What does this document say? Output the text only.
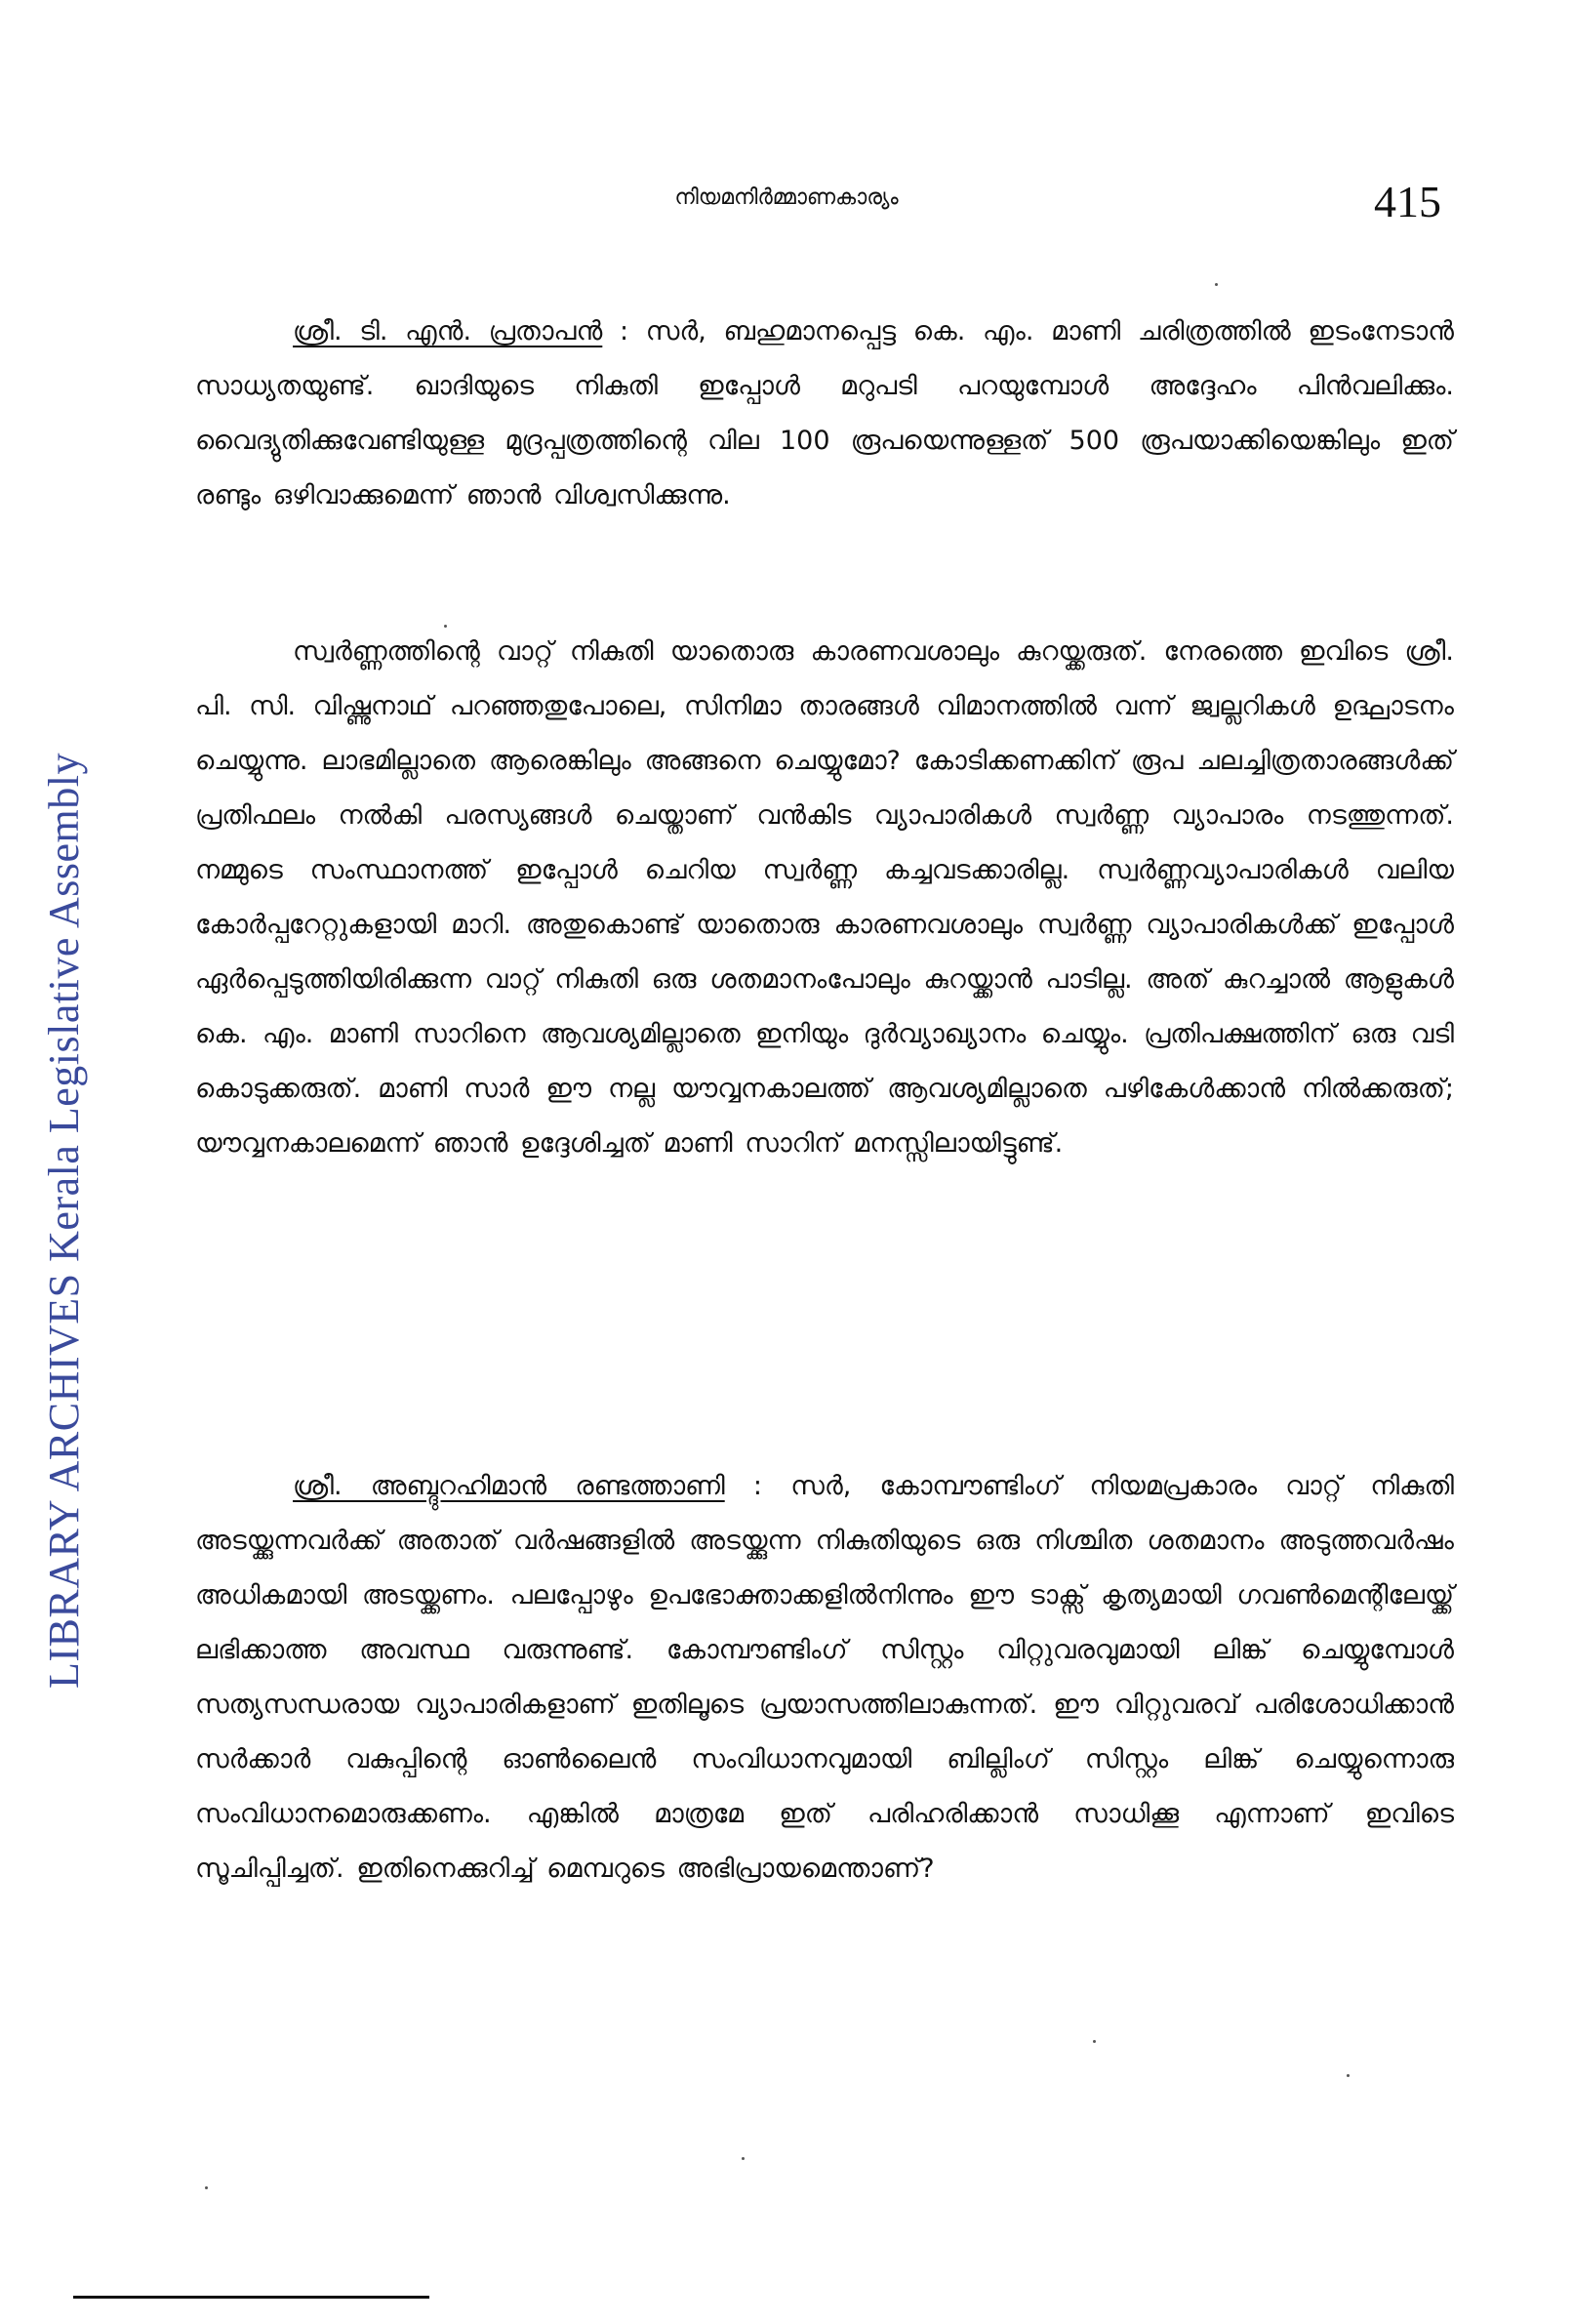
LIBRARY ARCHIVES Kerala Legislative Assembly
നിയമനിർമ്മാണകാര്യം	415
ശ്രീ. ടി. എൻ. പ്രതാപൻ : സർ, ബഹുമാനപ്പെട്ട കെ. എം. മാണി ചരിത്രത്തിൽ ഇടംനേടാൻ സാധ്യതയുണ്ട്. ഖാദിയുടെ നികുതി ഇപ്പോൾ മറുപടി പറയുമ്പോൾ അദ്ദേഹം പിൻവലിക്കും. വൈദ്യുതിക്കുവേണ്ടിയുള്ള മുദ്രപ്പത്രത്തിന്റെ വില 100 രൂപയെന്നുള്ളത് 500 രൂപയാക്കിയെങ്കിലും ഇത് രണ്ടും ഒഴിവാക്കുമെന്ന് ഞാൻ വിശ്വസിക്കുന്നു.
സ്വർണ്ണത്തിന്റെ വാറ്റ് നികുതി യാതൊരു കാരണവശാലും കുറയ്ക്കരുത്. നേരത്തെ ഇവിടെ ശ്രീ. പി. സി. വിഷ്ണുനാഥ് പറഞ്ഞതുപോലെ, സിനിമാ താരങ്ങൾ വിമാനത്തിൽ വന്ന് ജ്വല്ലറികൾ ഉദ്ഘാടനം ചെയ്യുന്നു. ലാഭമില്ലാതെ ആരെങ്കിലും അങ്ങനെ ചെയ്യുമോ? കോടിക്കണക്കിന് രൂപ ചലച്ചിത്രതാരങ്ങൾക്ക് പ്രതിഫലം നൽകി പരസ്യങ്ങൾ ചെയ്താണ് വൻകിട വ്യാപാരികൾ സ്വർണ്ണ വ്യാപാരം നടത്തുന്നത്. നമ്മുടെ സംസ്ഥാനത്ത് ഇപ്പോൾ ചെറിയ സ്വർണ്ണ കച്ചവടക്കാരില്ല. സ്വർണ്ണവ്യാപാരികൾ വലിയ കോർപ്പറേറ്റുകളായി മാറി. അതുകൊണ്ട് യാതൊരു കാരണവശാലും സ്വർണ്ണ വ്യാപാരികൾക്ക് ഇപ്പോൾ ഏർപ്പെടുത്തിയിരിക്കുന്ന വാറ്റ് നികുതി ഒരു ശതമാനംപോലും കുറയ്ക്കാൻ പാടില്ല. അത് കുറച്ചാൽ ആളുകൾ കെ. എം. മാണി സാറിനെ ആവശ്യമില്ലാതെ ഇനിയും ദുർവ്യാഖ്യാനം ചെയ്യും. പ്രതിപക്ഷത്തിന് ഒരു വടി കൊടുക്കരുത്. മാണി സാർ ഈ നല്ല യൗവ്വനകാലത്ത് ആവശ്യമില്ലാതെ പഴികേൾക്കാൻ നിൽക്കരുത്; യൗവ്വനകാലമെന്ന് ഞാൻ ഉദ്ദേശിച്ചത് മാണി സാറിന് മനസ്സിലായിട്ടുണ്ട്.
ശ്രീ. അബ്ദുറഹിമാൻ രണ്ടത്താണി : സർ, കോമ്പൗണ്ടിംഗ് നിയമപ്രകാരം വാറ്റ് നികുതി അടയ്ക്കുന്നവർക്ക് അതാത് വർഷങ്ങളിൽ അടയ്ക്കുന്ന നികുതിയുടെ ഒരു നിശ്ചിത ശതമാനം അടുത്തവർഷം അധികമായി അടയ്ക്കണം. പലപ്പോഴും ഉപഭോക്താക്കളിൽനിന്നും ഈ ടാക്സ് കൃത്യമായി ഗവൺമെന്റിലേയ്ക്ക് ലഭിക്കാത്ത അവസ്ഥ വരുന്നുണ്ട്. കോമ്പൗണ്ടിംഗ് സിസ്റ്റം വിറ്റുവരവുമായി ലിങ്ക് ചെയ്യുമ്പോൾ സത്യസന്ധരായ വ്യാപാരികളാണ് ഇതിലൂടെ പ്രയാസത്തിലാകുന്നത്. ഈ വിറ്റുവരവ് പരിശോധിക്കാൻ സർക്കാർ വകുപ്പിന്റെ ഓൺലൈൻ സംവിധാനവുമായി ബില്ലിംഗ് സിസ്റ്റം ലിങ്ക് ചെയ്യുന്നൊരു സംവിധാനമൊരുക്കണം. എങ്കിൽ മാത്രമേ ഇത് പരിഹരിക്കാൻ സാധിക്കൂ എന്നാണ് ഇവിടെ സൂചിപ്പിച്ചത്. ഇതിനെക്കുറിച്ച് മെമ്പറുടെ അഭിപ്രായമെന്താണ്?
